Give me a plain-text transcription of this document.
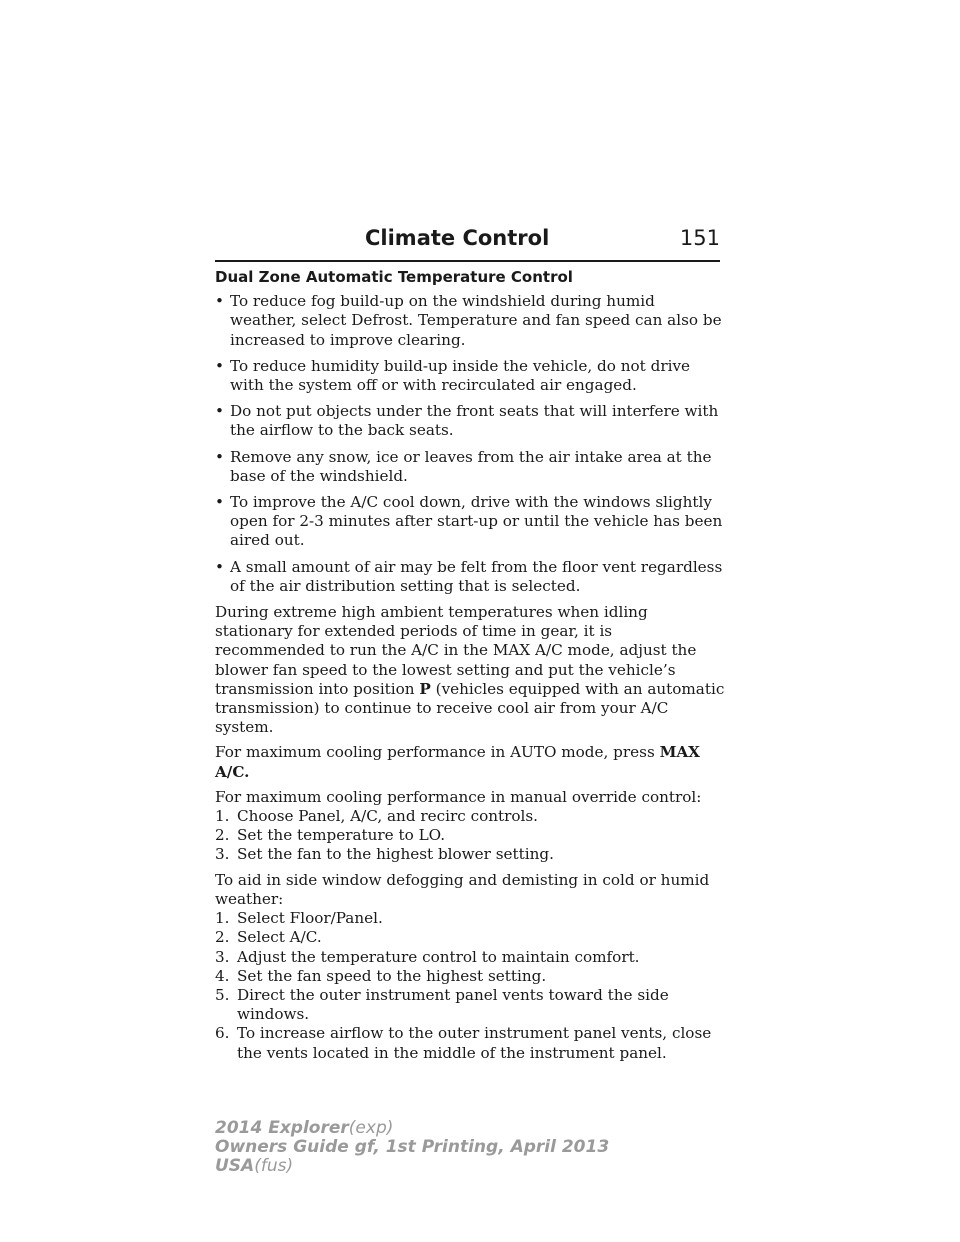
Climate Control	151
Dual Zone Automatic Temperature Control
• To reduce fog build-up on the windshield during humid weather, select Defrost. Temperature and fan speed can also be increased to improve clearing.
• To reduce humidity build-up inside the vehicle, do not drive with the system off or with recirculated air engaged.
• Do not put objects under the front seats that will interfere with the airflow to the back seats.
• Remove any snow, ice or leaves from the air intake area at the base of the windshield.
• To improve the A/C cool down, drive with the windows slightly open for 2-3 minutes after start-up or until the vehicle has been aired out.
• A small amount of air may be felt from the floor vent regardless of the air distribution setting that is selected.

During extreme high ambient temperatures when idling stationary for extended periods of time in gear, it is recommended to run the A/C in the MAX A/C mode, adjust the blower fan speed to the lowest setting and put the vehicle’s transmission into position P (vehicles equipped with an automatic transmission) to continue to receive cool air from your A/C system.

For maximum cooling performance in AUTO mode, press MAX A/C.

For maximum cooling performance in manual override control:
1. Choose Panel, A/C, and recirc controls.
2. Set the temperature to LO.
3. Set the fan to the highest blower setting.
To aid in side window defogging and demisting in cold or humid weather:
1. Select Floor/Panel.
2. Select A/C.
3. Adjust the temperature control to maintain comfort.
4. Set the fan speed to the highest setting.
5. Direct the outer instrument panel vents toward the side windows.
6. To increase airflow to the outer instrument panel vents, close the vents located in the middle of the instrument panel.
2014 Explorer(exp)
Owners Guide gf, 1st Printing, April 2013
USA(fus)
